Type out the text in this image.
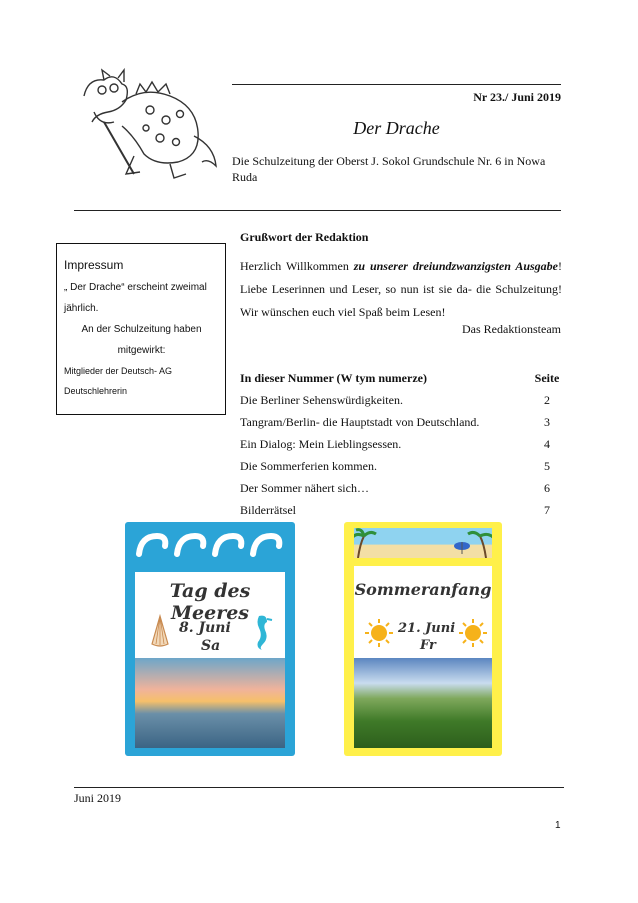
Nr 23./ Juni 2019
Der Drache
Die Schulzeitung der Oberst J. Sokol Grundschule Nr. 6 in Nowa Ruda
Impressum
„ Der Drache“ erscheint zweimal jährlich.
An der Schulzeitung haben mitgewirkt:
Mitglieder der Deutsch- AG
Deutschlehrerin
Grußwort der Redaktion
Herzlich Willkommen zu unserer dreiundzwanzigsten Ausgabe! Liebe Leserinnen und Leser, so nun ist sie da- die Schulzeitung! Wir wünschen euch viel Spaß beim Lesen!
Das Redaktionsteam
In dieser Nummer (W tym numerze)	Seite
Die Berliner Sehenswürdigkeiten.	2
Tangram/Berlin- die Hauptstadt von Deutschland.	3
Ein Dialog: Mein Lieblingsessen.	4
Die Sommerferien kommen.	5
Der Sommer nähert sich…	6
Bilderrätsel	7
Tag des Meeres
8. Juni
Sa
Sommeranfang
21. Juni
Fr
Juni 2019
1
